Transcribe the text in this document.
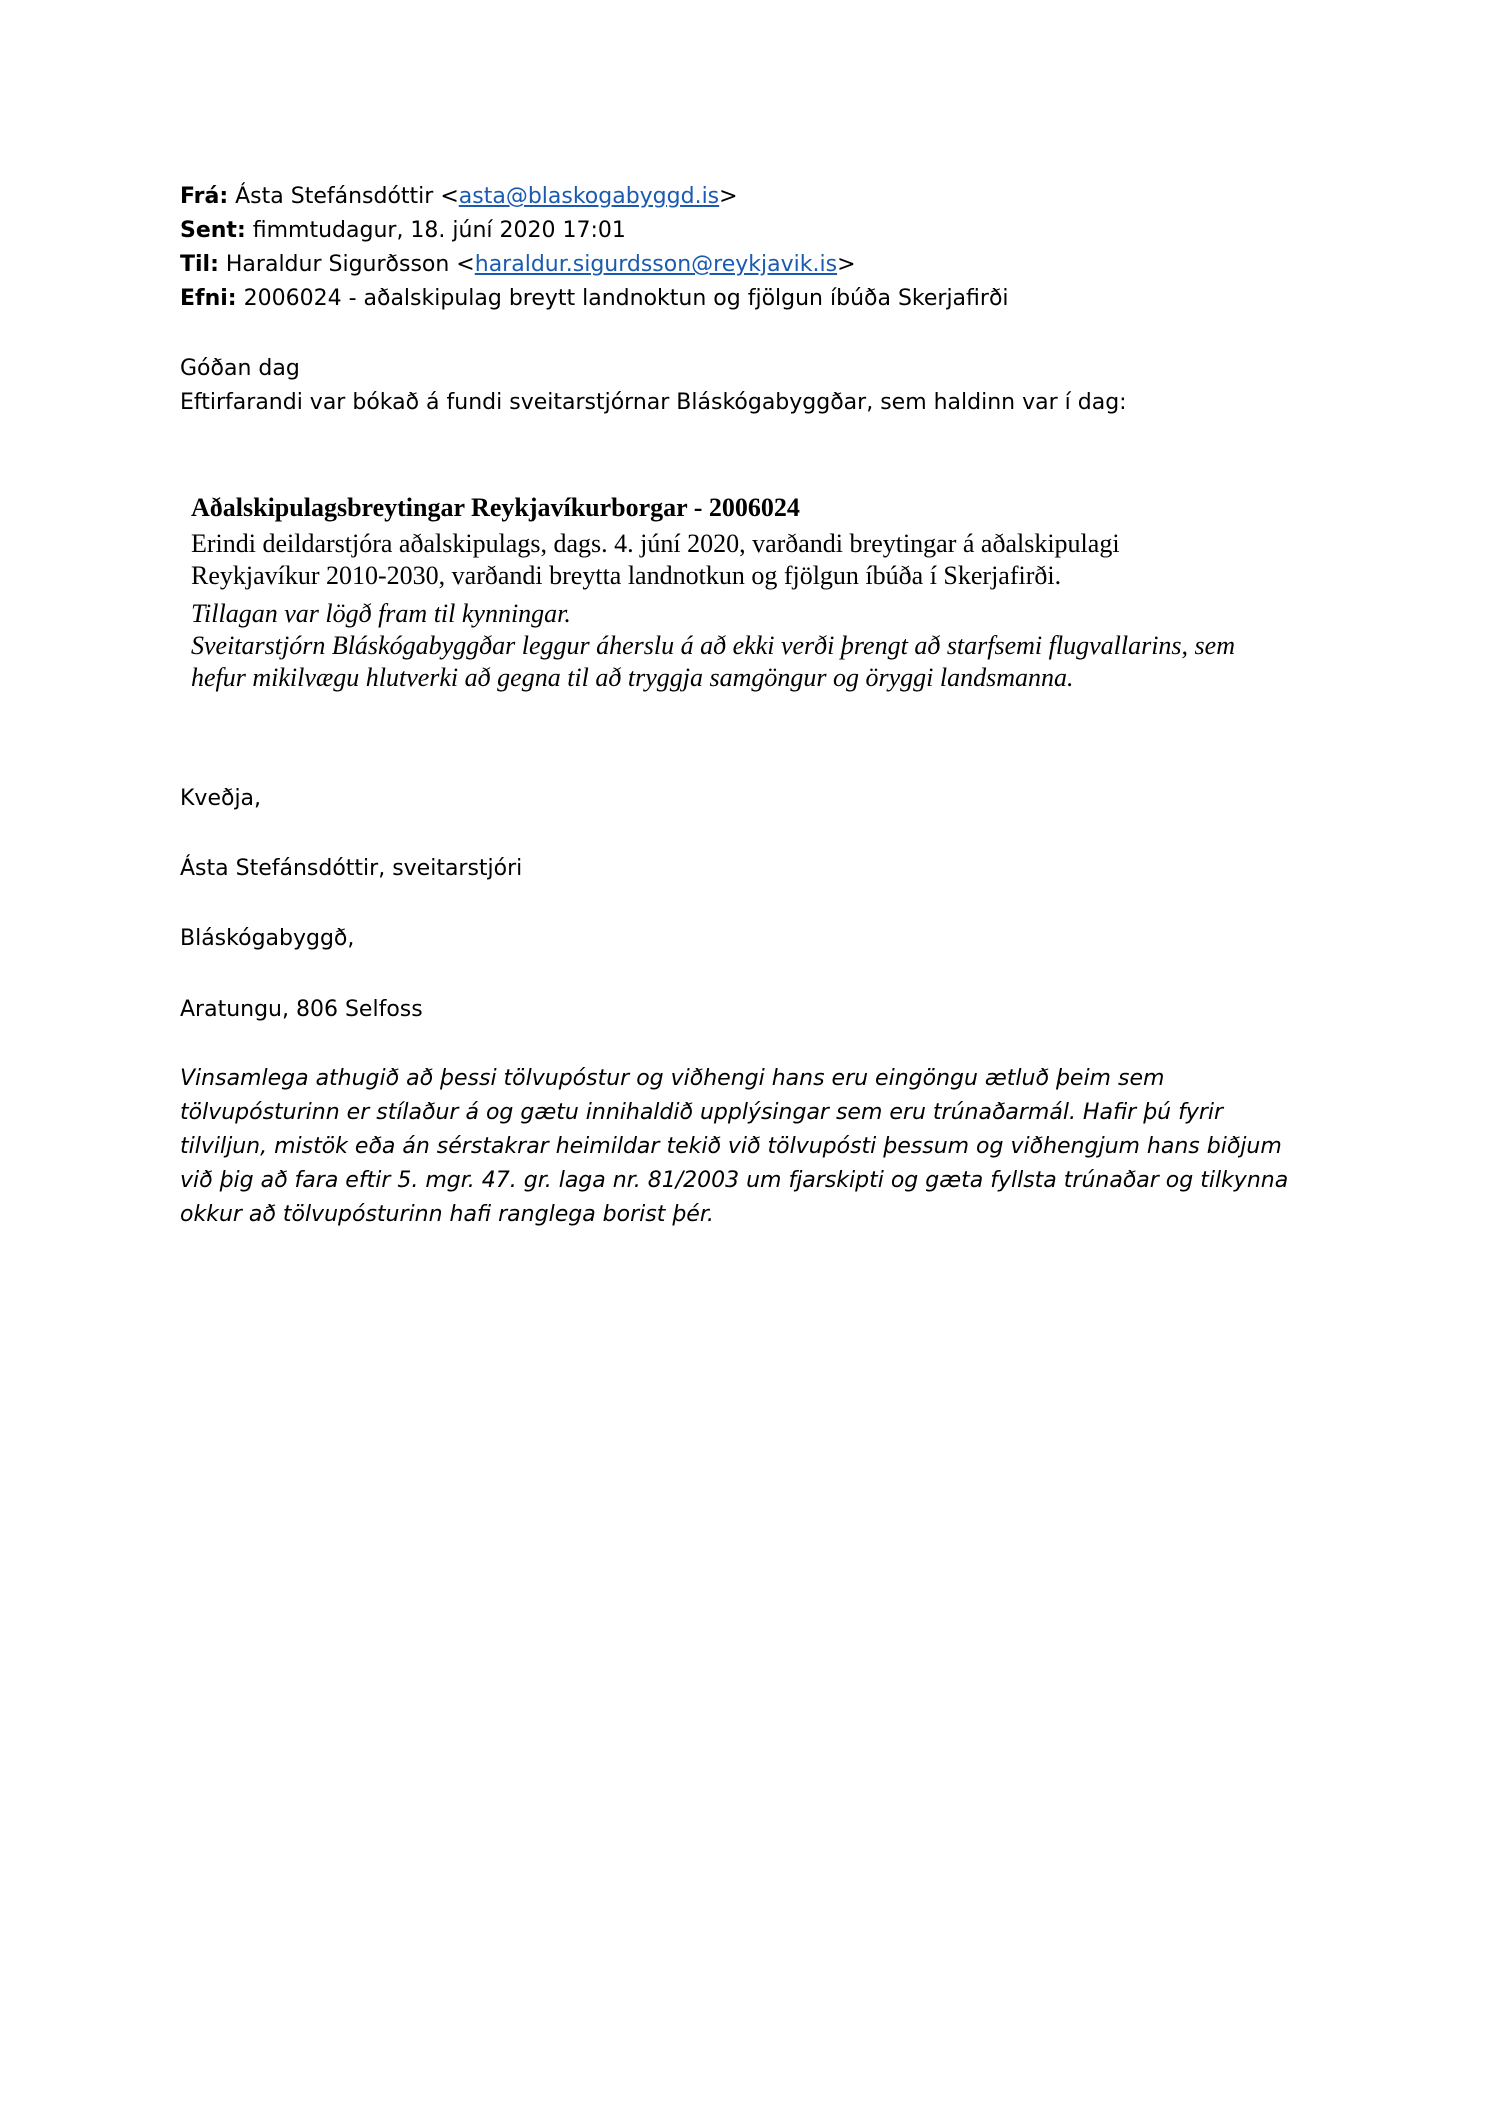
Frá: Ásta Stefánsdóttir <asta@blaskogabyggd.is>

Sent: fimmtudagur, 18. júní 2020 17:01

Til: Haraldur Sigurðsson <haraldur.sigurdsson@reykjavik.is>

Efni: 2006024 - aðalskipulag breytt landnoktun og fjölgun íbúða Skerjafirði

Góðan dag

Eftirfarandi var bókað á fundi sveitarstjórnar Bláskógabyggðar, sem haldinn var í dag:

Aðalskipulagsbreytingar Reykjavíkurborgar - 2006024

Erindi deildarstjóra aðalskipulags, dags. 4. júní 2020, varðandi breytingar á aðalskipulagi
Reykjavíkur 2010-2030, varðandi breytta landnotkun og fjölgun íbúða í Skerjafirði.
Tillagan var lögð fram til kynningar.
Sveitarstjórn Bláskógabyggðar leggur áherslu á að ekki verði þrengt að starfsemi flugvallarins, sem
hefur mikilvægu hlutverki að gegna til að tryggja samgöngur og öryggi landsmanna.

Kveðja,

Ásta Stefánsdóttir, sveitarstjóri

Bláskógabyggð,

Aratungu, 806 Selfoss

Vinsamlega athugið að þessi tölvupóstur og viðhengi hans eru eingöngu ætluð þeim sem
tölvupósturinn er stílaður á og gætu innihaldið upplýsingar sem eru trúnaðarmál. Hafir þú fyrir
tilviljun, mistök eða án sérstakrar heimildar tekið við tölvupósti þessum og viðhengjum hans biðjum
við þig að fara eftir 5. mgr. 47. gr. laga nr. 81/2003 um fjarskipti og gæta fyllsta trúnaðar og tilkynna
okkur að tölvupósturinn hafi ranglega borist þér.
